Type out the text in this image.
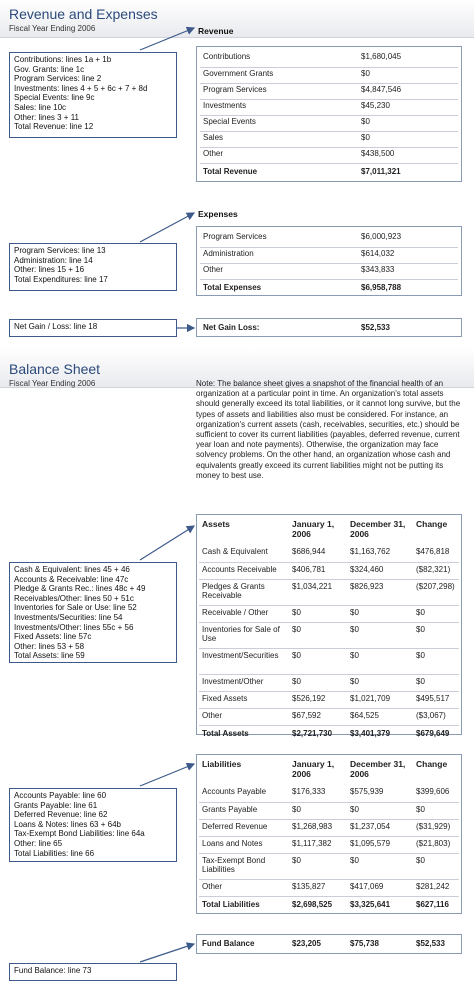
Revenue and Expenses
Fiscal Year Ending 2006	Revenue
Contributions	$1,680,045
Government Grants	$0
Program Services	$4,847,546
Investments	$45,230
Special Events	$0
Sales	$0
Other	$438,500
Total Revenue	$7,011,321
Contributions: lines 1a + 1b
Gov. Grants: line 1c
Program Services: line 2
Investments: lines 4 + 5 + 6c + 7 + 8d
Special Events: line 9c
Sales: line 10c
Other: lines 3 + 11
Total Revenue: line 12
Expenses
Program Services	$6,000,923
Administration	$614,032
Other	$343,833
Total Expenses	$6,958,788
Program Services: line 13
Administration: line 14
Other: lines 15 + 16
Total Expenditures: line 17
Net Gain Loss:	$52,533
Net Gain / Loss: line 18
Balance Sheet
Fiscal Year Ending 2006	Note: The balance sheet gives a snapshot of the financial health of an organization at a particular point in time. An organization's total assets should generally exceed its total liabilities, or it cannot long survive, but the types of assets and liabilities also must be considered. For instance, an organization's current assets (cash, receivables, securities, etc.) should be sufficient to cover its current liabilities (payables, deferred revenue, current year loan and note payments). Otherwise, the organization may face solvency problems. On the other hand, an organization whose cash and equivalents greatly exceed its current liabilities might not be putting its money to best use.
Assets	January 1, 2006	December 31, 2006	Change
Cash & Equivalent	$686,944	$1,163,762	$476,818
Accounts Receivable	$406,781	$324,460	($82,321)
Pledges & Grants Receivable	$1,034,221	$826,923	($207,298)
Receivable / Other	$0	$0	$0
Inventories for Sale of Use	$0	$0	$0
Investment/Securities	$0	$0	$0
Investment/Other	$0	$0	$0
Fixed Assets	$526,192	$1,021,709	$495,517
Other	$67,592	$64,525	($3,067)
Total Assets	$2,721,730	$3,401,379	$679,649
Cash & Equivalent: lines 45 + 46
Accounts & Receivable: line 47c
Pledge & Grants Rec.: lines 48c + 49
Receivables/Other: lines 50 + 51c
Inventories for Sale or Use: line 52
Investments/Securities: line 54
Investments/Other: lines 55c + 56
Fixed Assets: line 57c
Other: lines 53 + 58
Total Assets: line 59
Liabilities	January 1, 2006	December 31, 2006	Change
Accounts Payable	$176,333	$575,939	$399,606
Grants Payable	$0	$0	$0
Deferred Revenue	$1,268,983	$1,237,054	($31,929)
Loans and Notes	$1,117,382	$1,095,579	($21,803)
Tax-Exempt Bond Liabilities	$0	$0	$0
Other	$135,827	$417,069	$281,242
Total Liabilities	$2,698,525	$3,325,641	$627,116
Accounts Payable: line 60
Grants Payable: line 61
Deferred Revenue: line 62
Loans & Notes: lines 63 + 64b
Tax-Exempt Bond Liabilities: line 64a
Other: line 65
Total Liabilities: line 66
Fund Balance	$23,205	$75,738	$52,533
Fund Balance: line 73
